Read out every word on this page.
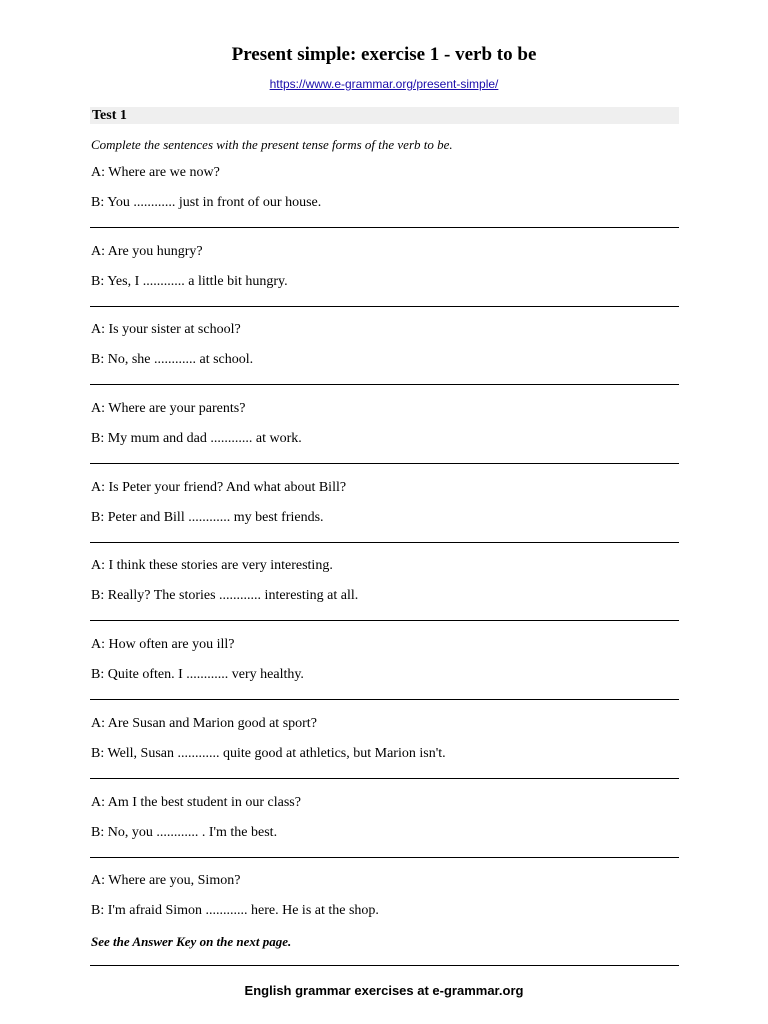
Present simple: exercise 1 - verb to be
https://www.e-grammar.org/present-simple/
Test 1
Complete the sentences with the present tense forms of the verb to be.
A: Where are we now?
B: You ............ just in front of our house.
A: Are you hungry?
B: Yes, I ............ a little bit hungry.
A: Is your sister at school?
B: No, she ............ at school.
A: Where are your parents?
B: My mum and dad ............ at work.
A: Is Peter your friend? And what about Bill?
B: Peter and Bill ............ my best friends.
A: I think these stories are very interesting.
B: Really? The stories ............ interesting at all.
A: How often are you ill?
B: Quite often. I ............ very healthy.
A: Are Susan and Marion good at sport?
B: Well, Susan ............ quite good at athletics, but Marion isn't.
A: Am I the best student in our class?
B: No, you ............ . I'm the best.
A: Where are you, Simon?
B: I'm afraid Simon ............ here. He is at the shop.
See the Answer Key on the next page.
English grammar exercises at e-grammar.org
